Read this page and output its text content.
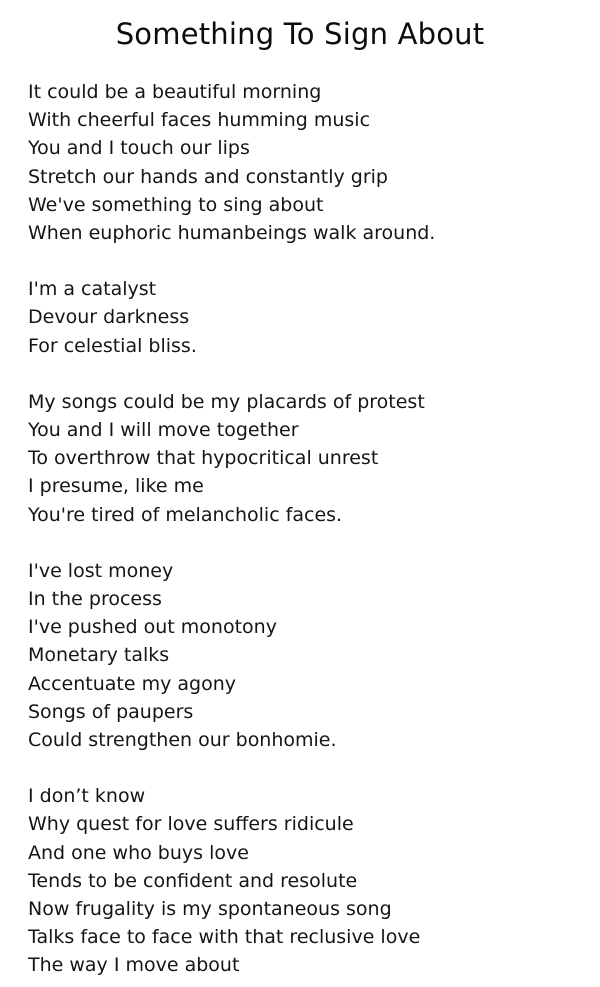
Something To Sign About
It could be a beautiful morning
With cheerful faces humming music
You and I touch our lips
Stretch our hands and constantly grip
We've something to sing about
When euphoric humanbeings walk around.
I'm a catalyst
Devour darkness
For celestial bliss.
My songs could be my placards of protest
You and I will move together
To overthrow that hypocritical unrest
I presume, like me
You're tired of melancholic faces.
I've lost money
In the process
I've pushed out monotony
Monetary talks
Accentuate my agony
Songs of paupers
Could strengthen our bonhomie.
I don’t know
Why quest for love suffers ridicule
And one who buys love
Tends to be confident and resolute
Now frugality is my spontaneous song
Talks face to face with that reclusive love
The way I move about
